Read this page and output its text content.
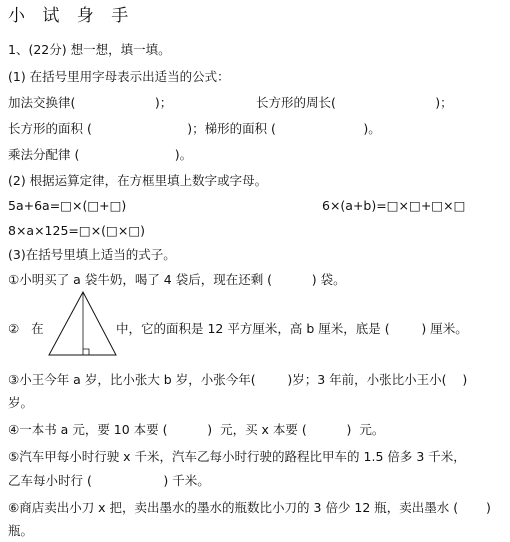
小 试 身 手
1、(22分) 想一想，填一填。
(1) 在括号里用字母表示出适当的公式：
加法交换律(                    )；	长方形的周长(                         )；
长方形的面积 (                        )；梯形的面积 (                      )。
乘法分配律 (                        )。
(2) 根据运算定律，在方框里填上数字或字母。
5a+6a=□×(□+□)	6×(a+b)=□×□+□×□
8×a×125=□×(□×□)
(3)在括号里填上适当的式子。
①小明买了 a 袋牛奶，喝了 4 袋后，现在还剩 (          ) 袋。
②   在	中，它的面积是 12 平方厘米，高 b 厘米，底是 (        ) 厘米。
③小王今年 a 岁，比小张大 b 岁，小张今年(        )岁；3 年前，小张比小王小(    )
岁。
④一本书 a 元，要 10 本要 (          )  元，买 x 本要 (          )  元。
⑤汽车甲每小时行驶 x 千米，汽车乙每小时行驶的路程比甲车的 1.5 倍多 3 千米，
乙车每小时行 (                  ) 千米。
⑥商店卖出小刀 x 把，卖出墨水的墨水的瓶数比小刀的 3 倍少 12 瓶，卖出墨水 (       )
瓶。
